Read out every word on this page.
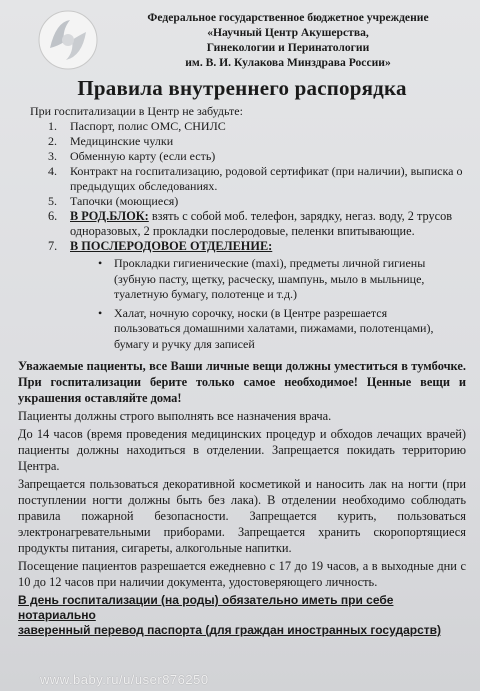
Федеральное государственное бюджетное учреждение
«Научный Центр Акушерства,
Гинекологии и Перинатологии
им. В. И. Кулакова Минздрава России»
Правила внутреннего распорядка

При госпитализации в Центр не забудьте:

1. Паспорт, полис ОМС, СНИЛС
2. Медицинские чулки
3. Обменную карту (если есть)
4. Контракт на госпитализацию, родовой сертификат (при наличии), выписка о предыдущих обследованиях.
5. Тапочки (моющиеся)
6. В РОД.БЛОК: взять с собой моб. телефон, зарядку, негаз. воду, 2 трусов одноразовых, 2 прокладки послеродовые, пеленки впитывающие.
7. В ПОСЛЕРОДОВОЕ ОТДЕЛЕНИЕ:
• Прокладки гигиенические (maxi), предметы личной гигиены (зубную пасту, щетку, расческу, шампунь, мыло в мыльнице, туалетную бумагу, полотенце и т.д.)
• Халат, ночную сорочку, носки (в Центре разрешается пользоваться домашними халатами, пижамами, полотенцами), бумагу и ручку для записей
Уважаемые пациенты, все Ваши личные вещи должны уместиться в тумбочке. При госпитализации берите только самое необходимое! Ценные вещи и украшения оставляйте дома!

Пациенты должны строго выполнять все назначения врача.

До 14 часов (время проведения медицинских процедур и обходов лечащих врачей) пациенты должны находиться в отделении. Запрещается покидать территорию Центра.

Запрещается пользоваться декоративной косметикой и наносить лак на ногти (при поступлении ногти должны быть без лака). В отделении необходимо соблюдать правила пожарной безопасности. Запрещается курить, пользоваться электронагревательными приборами. Запрещается хранить скоропортящиеся продукты питания, сигареты, алкогольные напитки.

Посещение пациентов разрешается ежедневно с 17 до 19 часов, а в выходные дни с 10 до 12 часов при наличии документа, удостоверяющего личность.

В день госпитализации (на роды) обязательно иметь при себе нотариально
заверенный перевод паспорта (для граждан иностранных государств)
www.baby.ru/u/user876250
